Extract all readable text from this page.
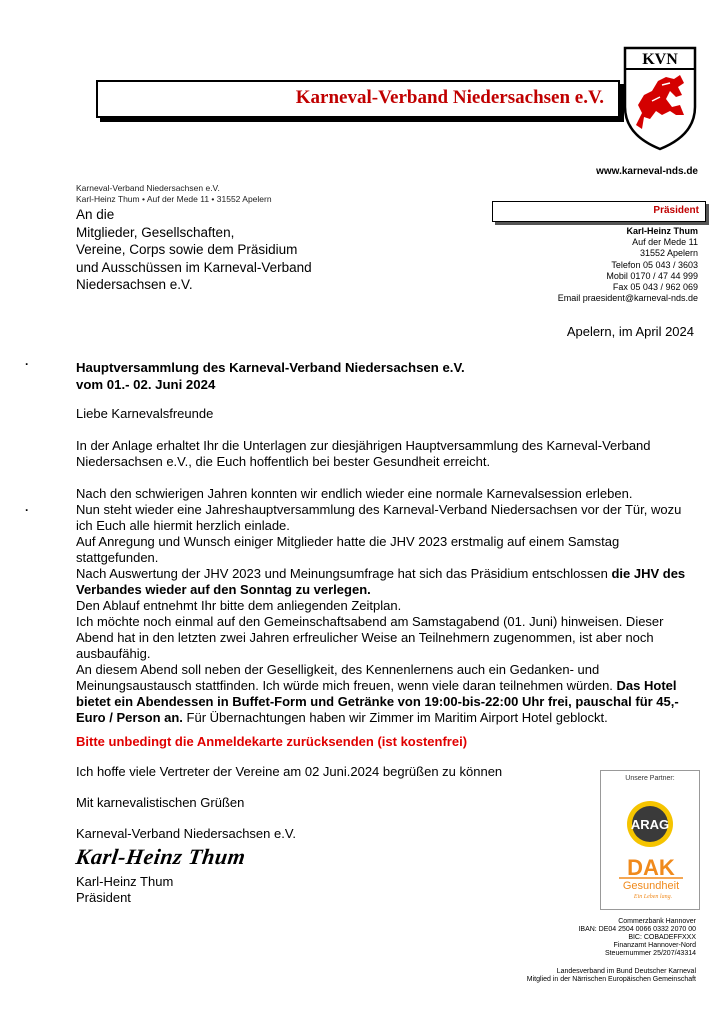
Karneval-Verband Niedersachsen e.V.
KVN
www.karneval-nds.de
Karneval-Verband Niedersachsen e.V.
Karl-Heinz Thum • Auf der Mede 11 • 31552 Apelern
An die
Mitglieder, Gesellschaften,
Vereine, Corps sowie dem Präsidium
und Ausschüssen im Karneval-Verband
Niedersachsen e.V.
Präsident
Karl-Heinz Thum
Auf der Mede 11
31552 Apelern
Telefon 05 043 / 3603
Mobil 0170 / 47 44 999
Fax 05 043 / 962 069
Email praesident@karneval-nds.de
Apelern, im April 2024
·
·
Hauptversammlung des Karneval-Verband Niedersachsen e.V.
vom 01.- 02. Juni 2024
Liebe Karnevalsfreunde
In der Anlage erhaltet Ihr die Unterlagen zur diesjährigen Hauptversammlung des Karneval-Verband Niedersachsen e.V., die Euch hoffentlich bei bester Gesundheit erreicht.
Nach den schwierigen Jahren konnten wir endlich wieder eine normale Karnevalsession erleben.
Nun steht wieder eine Jahreshauptversammlung des Karneval-Verband Niedersachsen vor der Tür, wozu ich Euch alle hiermit herzlich einlade.
Auf Anregung und Wunsch einiger Mitglieder hatte die JHV 2023 erstmalig auf einem Samstag stattgefunden.
Nach Auswertung der JHV 2023 und Meinungsumfrage hat sich das Präsidium entschlossen die JHV des Verbandes wieder auf den Sonntag zu verlegen.
Den Ablauf entnehmt Ihr bitte dem anliegenden Zeitplan.
Ich möchte noch einmal auf den Gemeinschaftsabend am Samstagabend (01. Juni) hinweisen. Dieser Abend hat in den letzten zwei Jahren erfreulicher Weise an Teilnehmern zugenommen, ist aber noch ausbaufähig.
An diesem Abend soll neben der Geselligkeit, des Kennenlernens auch ein Gedanken- und Meinungsaustausch stattfinden. Ich würde mich freuen, wenn viele daran teilnehmen würden. Das Hotel bietet ein Abendessen in Buffet-Form und Getränke von 19:00-bis-22:00 Uhr frei, pauschal für 45,- Euro / Person an. Für Übernachtungen haben wir Zimmer im Maritim Airport Hotel geblockt.
Bitte unbedingt die Anmeldekarte zurücksenden (ist kostenfrei)
Ich hoffe viele Vertreter der Vereine am 02 Juni.2024 begrüßen zu können
Mit karnevalistischen Grüßen
Karneval-Verband Niedersachsen e.V.
Karl-Heinz Thum
Karl-Heinz Thum
Präsident
Unsere Partner:
ARAG
DAK
Gesundheit
Ein Leben lang.
Commerzbank Hannover
IBAN: DE04 2504 0066 0332 2070 00
BIC: COBADEFFXXX
Finanzamt Hannover-Nord
Steuernummer 25/207/43314
Landesverband im Bund Deutscher Karneval
Mitglied in der Närrischen Europäischen Gemeinschaft
